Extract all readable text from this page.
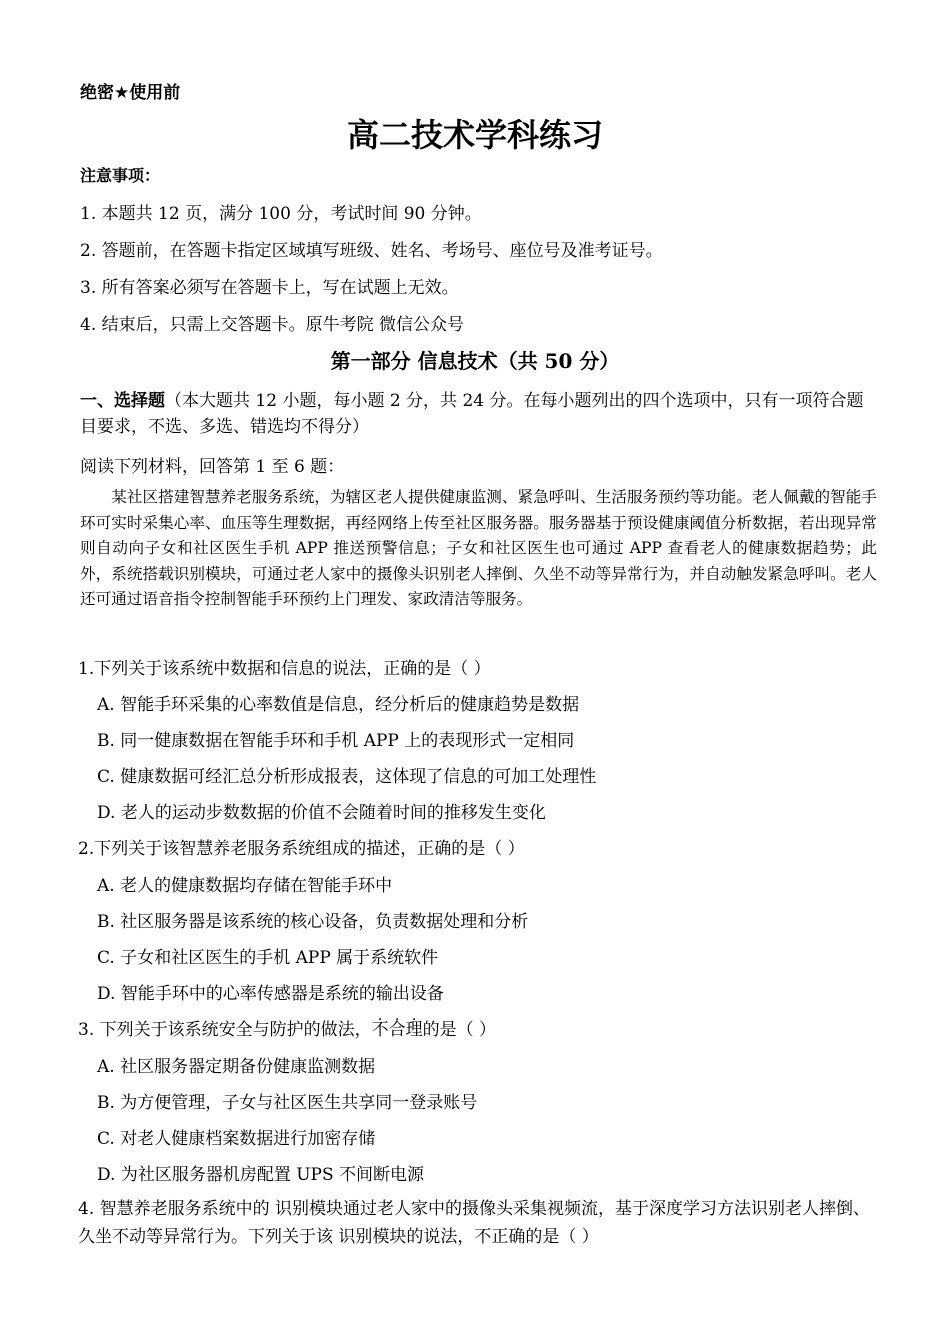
绝密★使用前
高二技术学科练习
注意事项：
1. 本题共 12 页，满分 100 分，考试时间 90 分钟。
2. 答题前，在答题卡指定区域填写班级、姓名、考场号、座位号及准考证号。
3. 所有答案必须写在答题卡上，写在试题上无效。
4. 结束后，只需上交答题卡。原牛考院 微信公众号
第一部分 信息技术（共 50 分）
一、选择题（本大题共 12 小题，每小题 2 分，共 24 分。在每小题列出的四个选项中，只有一项符合题目要求，不选、多选、错选均不得分）
阅读下列材料，回答第 1 至 6 题：
某社区搭建智慧养老服务系统，为辖区老人提供健康监测、紧急呼叫、生活服务预约等功能。老人佩戴的智能手环可实时采集心率、血压等生理数据，再经网络上传至社区服务器。服务器基于预设健康阈值分析数据，若出现异常则自动向子女和社区医生手机 APP 推送预警信息；子女和社区医生也可通过 APP 查看老人的健康数据趋势；此外，系统搭载识别模块，可通过老人家中的摄像头识别老人摔倒、久坐不动等异常行为，并自动触发紧急呼叫。老人还可通过语音指令控制智能手环预约上门理发、家政清洁等服务。
1.下列关于该系统中数据和信息的说法，正确的是（ ）
A. 智能手环采集的心率数值是信息，经分析后的健康趋势是数据
B. 同一健康数据在智能手环和手机 APP 上的表现形式一定相同
C. 健康数据可经汇总分析形成报表，这体现了信息的可加工处理性
D. 老人的运动步数数据的价值不会随着时间的推移发生变化
2.下列关于该智慧养老服务系统组成的描述，正确的是（ ）
A. 老人的健康数据均存储在智能手环中
B. 社区服务器是该系统的核心设备，负责数据处理和分析
C. 子女和社区医生的手机 APP 属于系统软件
D. 智能手环中的心率传感器是系统的输出设备
3. 下列关于该系统安全与防护的做法，不合理的是（ ）
A. 社区服务器定期备份健康监测数据
B. 为方便管理，子女与社区医生共享同一登录账号
C. 对老人健康档案数据进行加密存储
D. 为社区服务器机房配置 UPS 不间断电源
4. 智慧养老服务系统中的 识别模块通过老人家中的摄像头采集视频流，基于深度学习方法识别老人摔倒、久坐不动等异常行为。下列关于该 识别模块的说法，· 不· 正· 确的是（ ）
